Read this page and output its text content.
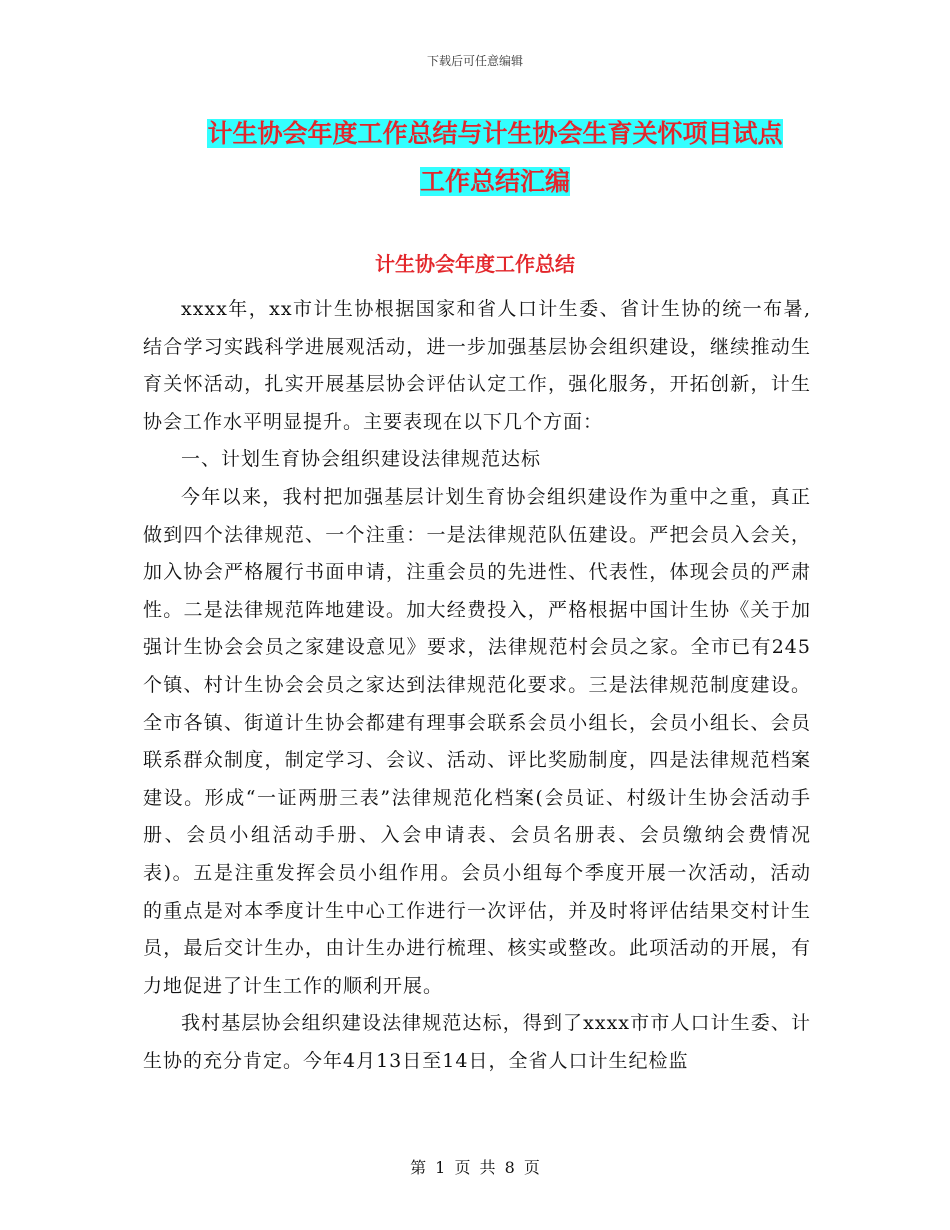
下载后可任意编辑
计生协会年度工作总结与计生协会生育关怀项目试点
工作总结汇编
计生协会年度工作总结

xxxx年，xx市计生协根据国家和省人口计生委、省计生协的统一布暑,结合学习实践科学进展观活动，进一步加强基层协会组织建设，继续推动生育关怀活动，扎实开展基层协会评估认定工作，强化服务，开拓创新，计生协会工作水平明显提升。主要表现在以下几个方面：

一、计划生育协会组织建设法律规范达标

今年以来，我村把加强基层计划生育协会组织建设作为重中之重，真正做到四个法律规范、一个注重：一是法律规范队伍建设。严把会员入会关，加入协会严格履行书面申请，注重会员的先进性、代表性，体现会员的严肃性。二是法律规范阵地建设。加大经费投入，严格根据中国计生协《关于加强计生协会会员之家建设意见》要求，法律规范村会员之家。全市已有245个镇、村计生协会会员之家达到法律规范化要求。三是法律规范制度建设。全市各镇、街道计生协会都建有理事会联系会员小组长，会员小组长、会员联系群众制度，制定学习、会议、活动、评比奖励制度，四是法律规范档案建设。形成“一证两册三表”法律规范化档案(会员证、村级计生协会活动手册、会员小组活动手册、入会申请表、会员名册表、会员缴纳会费情况表)。五是注重发挥会员小组作用。会员小组每个季度开展一次活动，活动的重点是对本季度计生中心工作进行一次评估，并及时将评估结果交村计生员，最后交计生办，由计生办进行梳理、核实或整改。此项活动的开展，有力地促进了计生工作的顺利开展。

我村基层协会组织建设法律规范达标，得到了xxxx市市人口计生委、计生协的充分肯定。今年4月13日至14日，全省人口计生纪检监

第 1 页 共 8 页
